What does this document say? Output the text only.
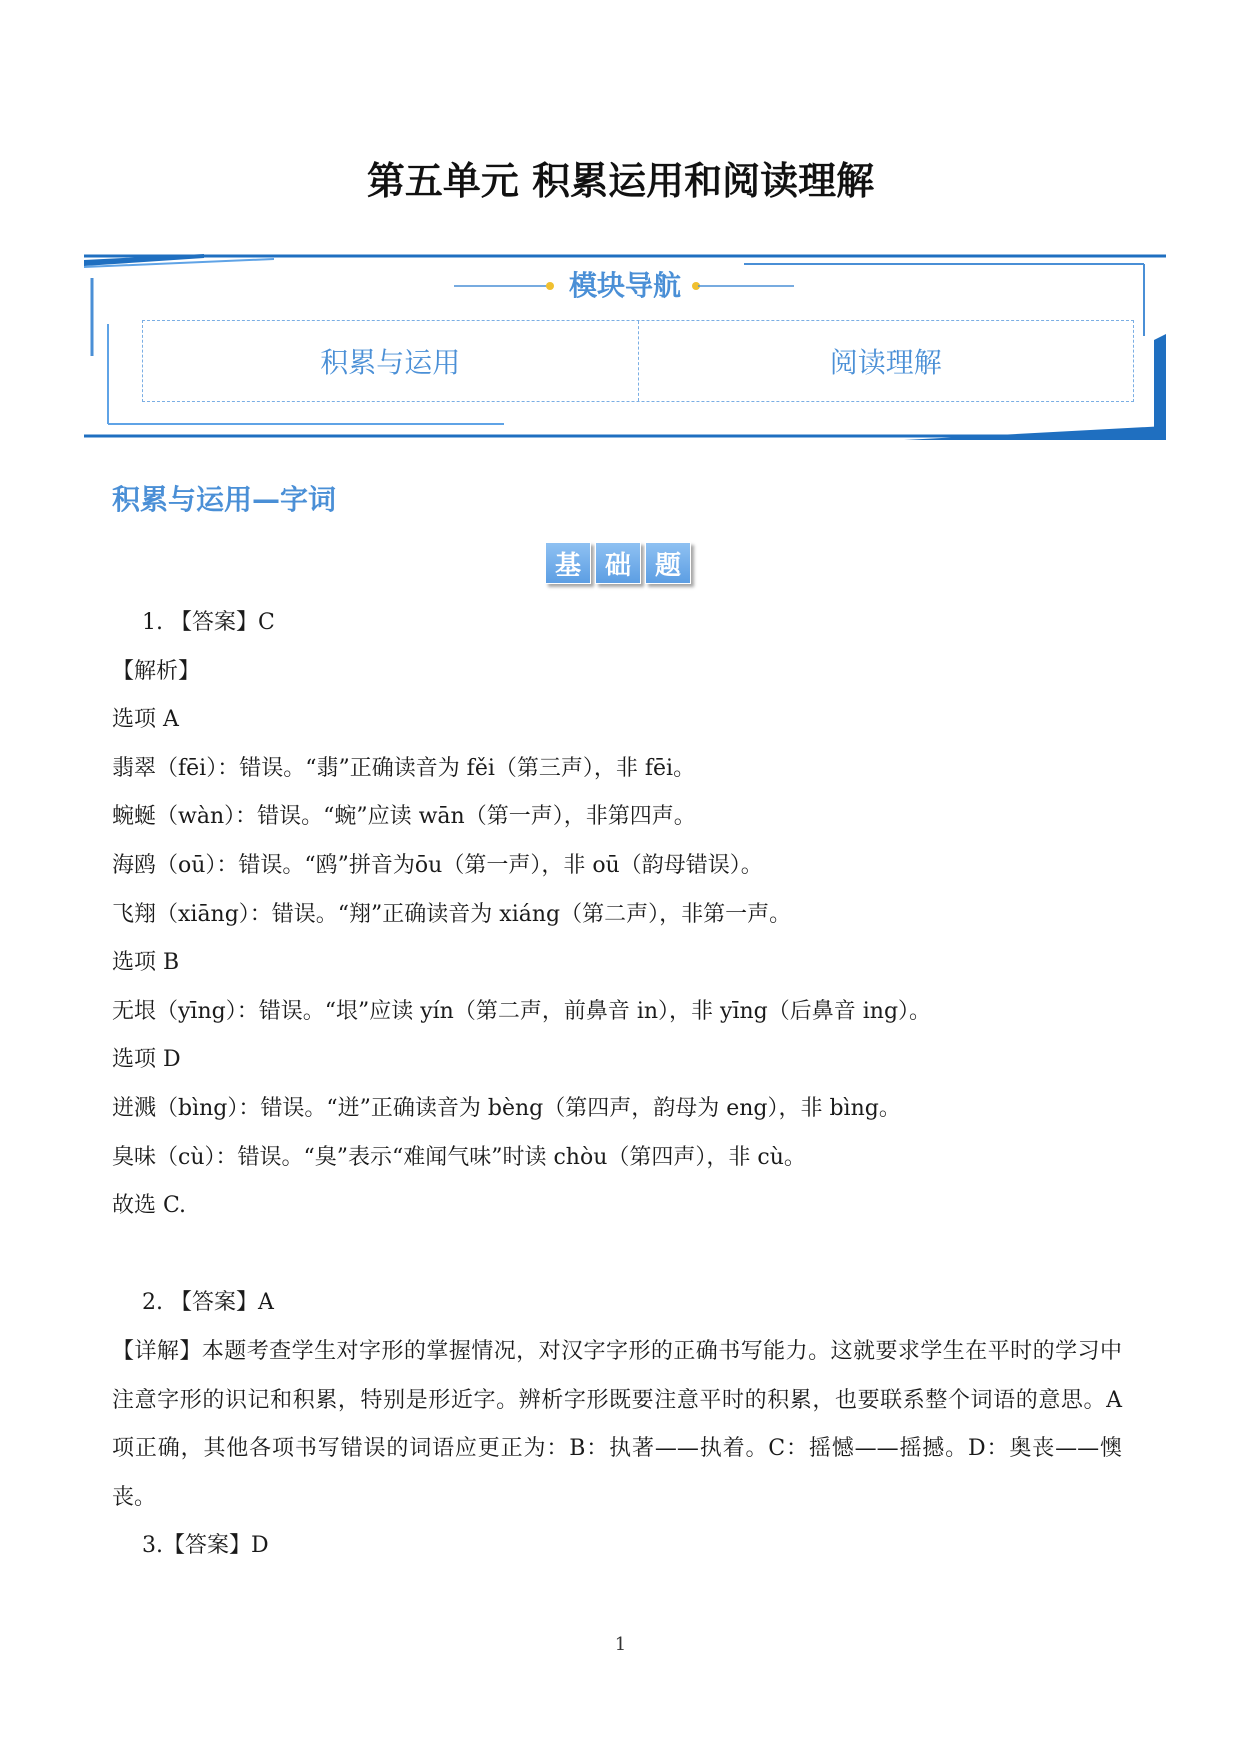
第五单元 积累运用和阅读理解
模块导航
积累与运用	阅读理解
积累与运用—字词
基 础 题

1. 【答案】C

【解析】

选项 A

翡翠（fēi）：错误。“翡”正确读音为 fěi（第三声），非 fēi。

蜿蜒（wàn）：错误。“蜿”应读 wān（第一声），非第四声。

海鸥（oū）：错误。“鸥”拼音为ōu（第一声），非 oū（韵母错误）。

飞翔（xiāng）：错误。“翔”正确读音为 xiáng（第二声），非第一声。

选项 B

无垠（yīng）：错误。“垠”应读 yín（第二声，前鼻音 in），非 yīng（后鼻音 ing）。

选项 D

迸溅（bìng）：错误。“迸”正确读音为 bèng（第四声，韵母为 eng），非 bìng。

臭味（cù）：错误。“臭”表示“难闻气味”时读 chòu（第四声），非 cù。

故选 C.

2. 【答案】A

【详解】本题考查学生对字形的掌握情况，对汉字字形的正确书写能力。这就要求学生在平时的学习中注意字形的识记和积累，特别是形近字。辨析字形既要注意平时的积累，也要联系整个词语的意思。A 项正确，其他各项书写错误的词语应更正为：B：执著——执着。C：摇憾——摇撼。D：奥丧——懊丧。

3.【答案】D

1
